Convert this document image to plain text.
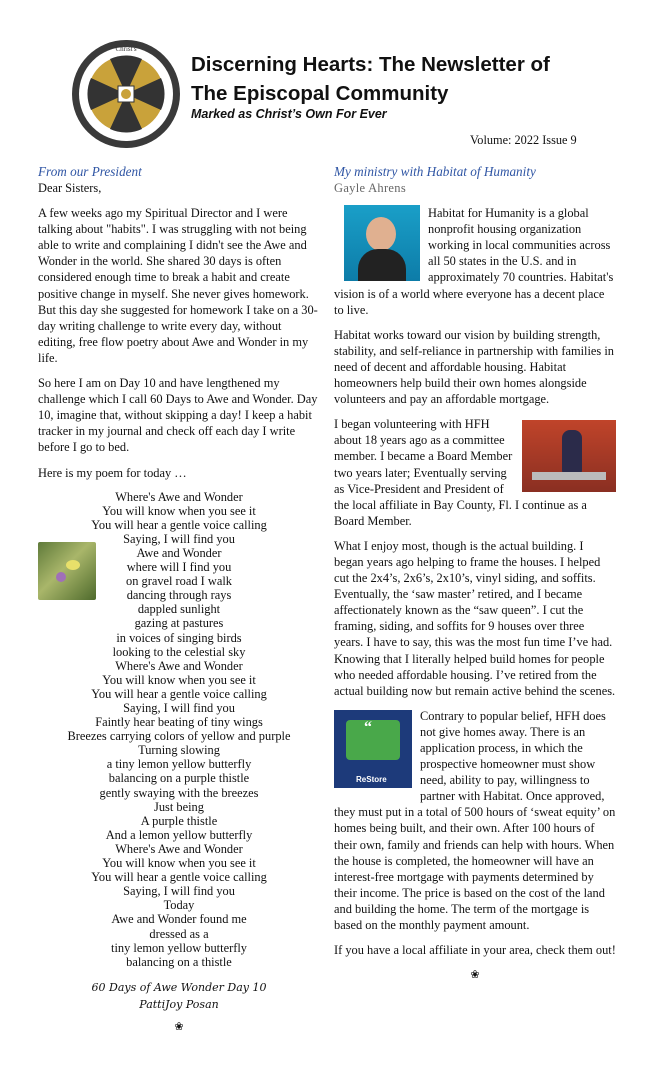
Christ's
Discerning Hearts: The Newsletter of
The Episcopal Community
Marked as Christ’s Own For Ever
Volume: 2022 Issue 9
From our President
Dear Sisters,

A few weeks ago my Spiritual Director and I were talking about "habits". I was struggling with not being able to write and complaining I didn't see the Awe and Wonder in the world. She shared 30 days is often considered enough time to break a habit and create positive change in myself. She never gives homework. But this day she suggested for homework I take on a 30-day writing challenge to write every day, without editing, free flow poetry about Awe and Wonder in my life.

So here I am on Day 10 and have lengthened my challenge which I call 60 Days to Awe and Wonder. Day 10, imagine that, without skipping a day! I keep a habit tracker in my journal and check off each day I write before I go to bed.

Here is my poem for today …

Where's Awe and Wonder
You will know when you see it
You will hear a gentle voice calling
Saying, I will find you
Awe and Wonder
where will I find you
on gravel road I walk
dancing through rays
dappled sunlight
gazing at pastures
in voices of singing birds
looking to the celestial sky
Where's Awe and Wonder
You will know when you see it
You will hear a gentle voice calling
Saying, I will find you
Faintly hear beating of tiny wings
Breezes carrying colors of yellow and purple
Turning slowing
a tiny lemon yellow butterfly
balancing on a purple thistle
gently swaying with the breezes
Just being
A purple thistle
And a lemon yellow butterfly
Where's Awe and Wonder
You will know when you see it
You will hear a gentle voice calling
Saying, I will find you
Today
Awe and Wonder found me
dressed as a
tiny lemon yellow butterfly
balancing on a thistle
60 Days of Awe Wonder Day 10
PattiJoy Posan
❀
My ministry with Habitat of Humanity
Gayle Ahrens

Habitat for Humanity is a global nonprofit housing organization working in local communities across all 50 states in the U.S. and in approximately 70 countries. Habitat's vision is of a world where everyone has a decent place to live.

Habitat works toward our vision by building strength, stability, and self-reliance in partnership with families in need of decent and affordable housing. Habitat homeowners help build their own homes alongside volunteers and pay an affordable mortgage.

I began volunteering with HFH about 18 years ago as a committee member. I became a Board Member two years later; Eventually serving as Vice-President and President of the local affiliate in Bay County, Fl. I continue as a Board Member.

What I enjoy most, though is the actual building. I began years ago helping to frame the houses. I helped cut the 2x4’s, 2x6’s, 2x10’s, vinyl siding, and soffits. Eventually, the ‘saw master’ retired, and I became affectionately known as the “saw queen”. I cut the framing, siding, and soffits for 9 houses over three years. I have to say, this was the most fun time I’ve had. Knowing that I literally helped build homes for people who needed affordable housing. I’ve retired from the actual building now but remain active behind the scenes.

“
ReStore
Contrary to popular belief, HFH does not give homes away. There is an application process, in which the prospective homeowner must show need, ability to pay, willingness to partner with Habitat. Once approved, they must put in a total of 500 hours of ‘sweat equity’ on homes being built, and their own. After 100 hours of their own, family and friends can help with hours. When the house is completed, the homeowner will have an interest-free mortgage with payments determined by their income. The price is based on the cost of the land and building the home. The term of the mortgage is based on the monthly payment amount.

If you have a local affiliate in your area, check them out!

❀
